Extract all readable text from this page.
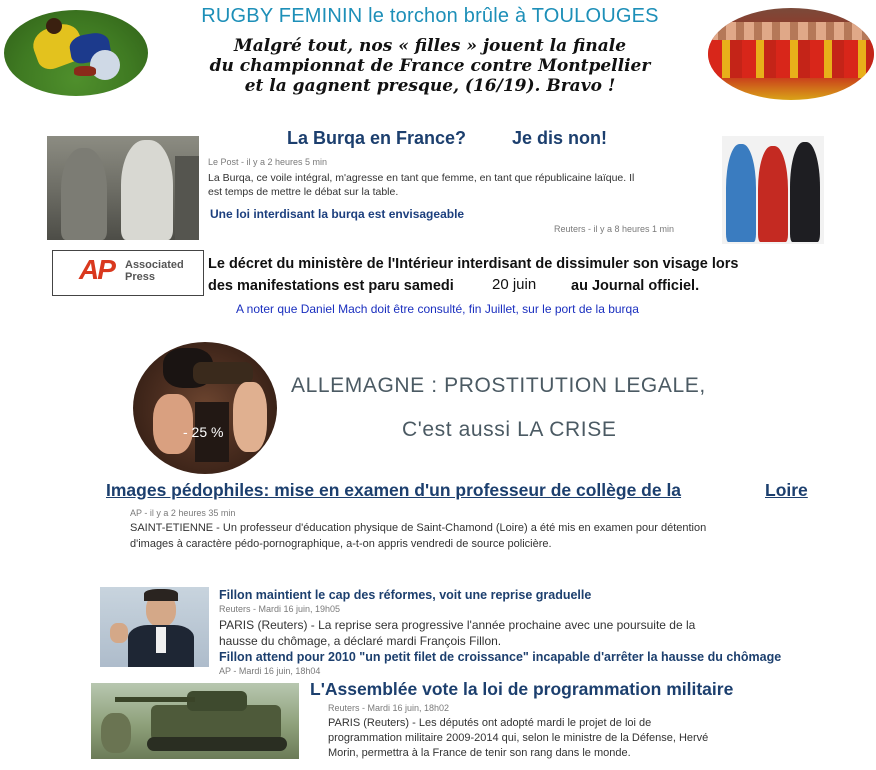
RUGBY FEMININ le torchon brûle à TOULOUGES
Malgré tout, nos « filles » jouent la finale
du championnat de France contre Montpellier
et la gagnent presque, (16/19). Bravo !
La Burqa en France?	Je dis non!
Le Post - il y a 2 heures 5 min
La Burqa, ce voile intégral, m'agresse en tant que femme, en tant que républicaine laïque. Il
est temps de mettre le débat sur la table.
Une loi interdisant la burqa est envisageable
Reuters - il y a 8 heures 1 min
AP Associated
Press
Le décret du ministère de l'Intérieur interdisant de dissimuler son visage lors
des manifestations est paru samedi	20 juin au Journal officiel.
A noter que Daniel Mach doit être consulté, fin Juillet, sur le port de la burqa
- 25 %
ALLEMAGNE : PROSTITUTION LEGALE,
C'est aussi LA CRISE
Images pédophiles: mise en examen d'un professeur de collège de la	Loire
AP - il y a 2 heures 35 min
SAINT-ETIENNE - Un professeur d'éducation physique de Saint-Chamond (Loire) a été mis en examen pour détention
d'images à caractère pédo-pornographique, a-t-on appris vendredi de source policière.
Fillon maintient le cap des réformes, voit une reprise graduelle
Reuters - Mardi 16 juin, 19h05
PARIS (Reuters) - La reprise sera progressive l'année prochaine avec une poursuite de la
hausse du chômage, a déclaré mardi François Fillon.
Fillon attend pour 2010 "un petit filet de croissance" incapable d'arrêter la hausse du chômage
AP - Mardi 16 juin, 18h04
L'Assemblée vote la loi de programmation militaire
Reuters - Mardi 16 juin, 18h02
PARIS (Reuters) - Les députés ont adopté mardi le projet de loi de
programmation militaire 2009-2014 qui, selon le ministre de la Défense, Hervé
Morin, permettra à la France de tenir son rang dans le monde.
